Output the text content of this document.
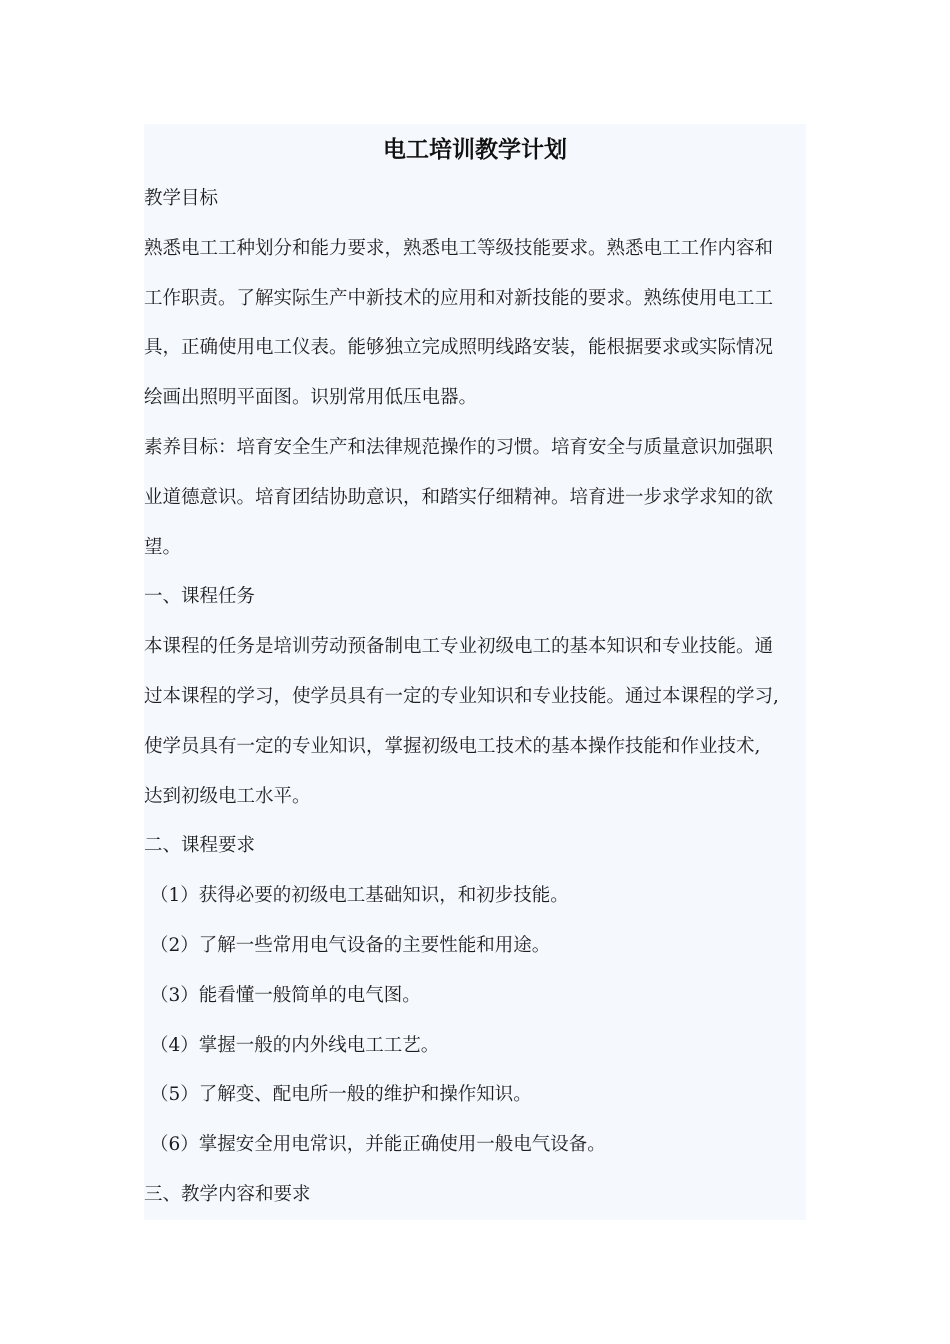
电工培训教学计划
教学目标
熟悉电工工种划分和能力要求，熟悉电工等级技能要求。熟悉电工工作内容和
工作职责。了解实际生产中新技术的应用和对新技能的要求。熟练使用电工工
具，正确使用电工仪表。能够独立完成照明线路安装，能根据要求或实际情况
绘画出照明平面图。识别常用低压电器。
素养目标：培育安全生产和法律规范操作的习惯。培育安全与质量意识加强职
业道德意识。培育团结协助意识，和踏实仔细精神。培育进一步求学求知的欲
望。
一、课程任务
本课程的任务是培训劳动预备制电工专业初级电工的基本知识和专业技能。通
过本课程的学习，使学员具有一定的专业知识和专业技能。通过本课程的学习,
使学员具有一定的专业知识，掌握初级电工技术的基本操作技能和作业技术,
达到初级电工水平。
二、课程要求
（1）获得必要的初级电工基础知识，和初步技能。
（2）了解一些常用电气设备的主要性能和用途。
（3）能看懂一般简单的电气图。
（4）掌握一般的内外线电工工艺。
（5）了解变、配电所一般的维护和操作知识。
（6）掌握安全用电常识，并能正确使用一般电气设备。
三、教学内容和要求
